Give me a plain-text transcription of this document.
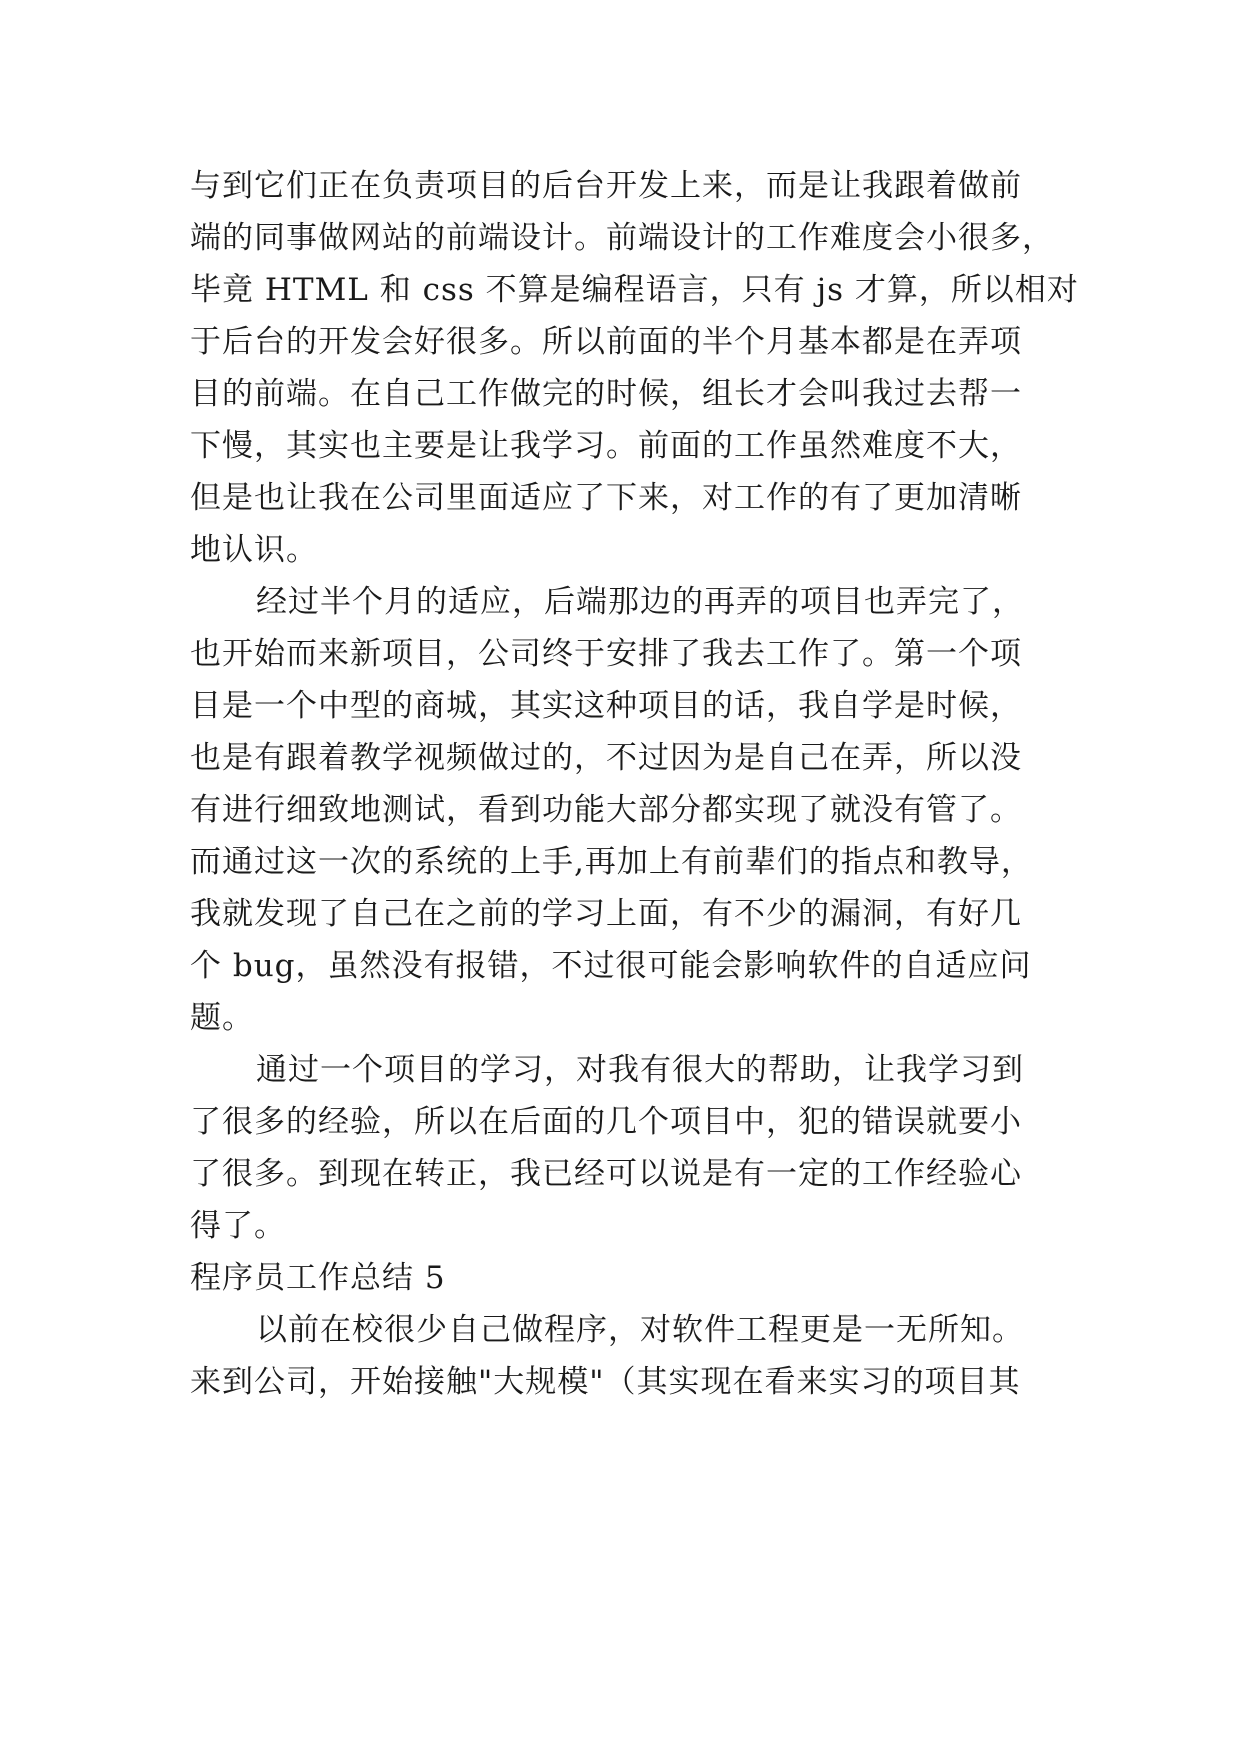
与到它们正在负责项目的后台开发上来，而是让我跟着做前
端的同事做网站的前端设计。前端设计的工作难度会小很多，
毕竟 HTML 和 css 不算是编程语言，只有 js 才算，所以相对
于后台的开发会好很多。所以前面的半个月基本都是在弄项
目的前端。在自己工作做完的时候，组长才会叫我过去帮一
下慢，其实也主要是让我学习。前面的工作虽然难度不大，
但是也让我在公司里面适应了下来，对工作的有了更加清晰
地认识。
经过半个月的适应，后端那边的再弄的项目也弄完了，
也开始而来新项目，公司终于安排了我去工作了。第一个项
目是一个中型的商城，其实这种项目的话，我自学是时候，
也是有跟着教学视频做过的，不过因为是自己在弄，所以没
有进行细致地测试，看到功能大部分都实现了就没有管了。
而通过这一次的系统的上手,再加上有前辈们的指点和教导，
我就发现了自己在之前的学习上面，有不少的漏洞，有好几
个 bug，虽然没有报错，不过很可能会影响软件的自适应问
题。
通过一个项目的学习，对我有很大的帮助，让我学习到
了很多的经验，所以在后面的几个项目中，犯的错误就要小
了很多。到现在转正，我已经可以说是有一定的工作经验心
得了。
程序员工作总结 5
以前在校很少自己做程序，对软件工程更是一无所知。
来到公司，开始接触"大规模"（其实现在看来实习的项目其
